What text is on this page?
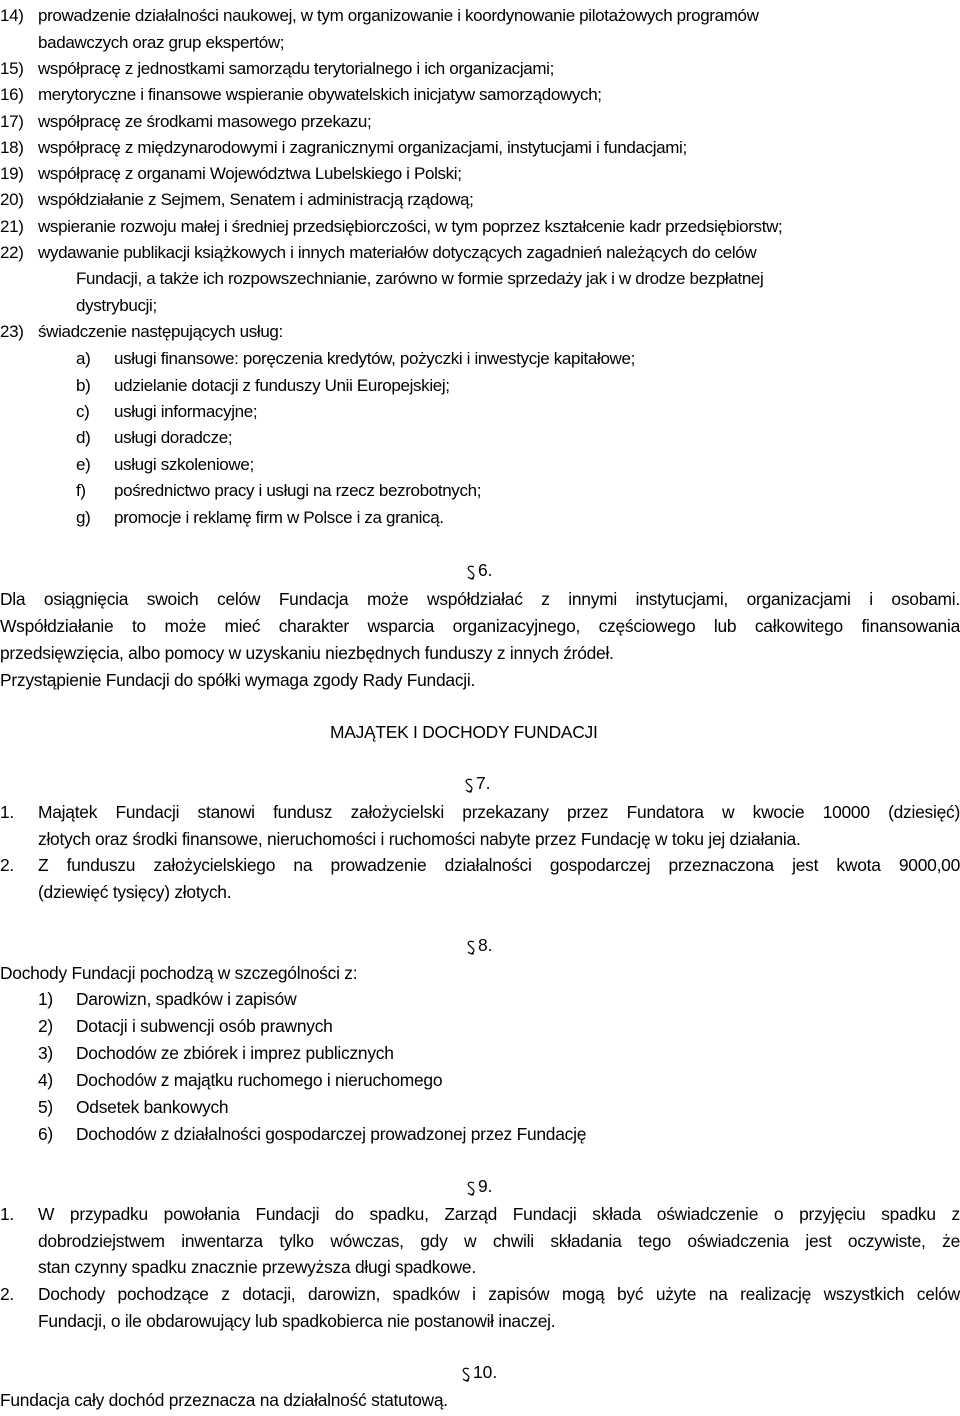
14) prowadzenie działalności naukowej, w tym organizowanie i koordynowanie pilotażowych programów
badawczych oraz grup ekspertów;
15) współpracę z jednostkami samorządu terytorialnego i ich organizacjami;
16) merytoryczne i finansowe wspieranie obywatelskich inicjatyw samorządowych;
17) współpracę ze środkami masowego przekazu;
18) współpracę z międzynarodowymi i zagranicznymi organizacjami, instytucjami i fundacjami;
19) współpracę z organami Województwa Lubelskiego i Polski;
20) współdziałanie z Sejmem, Senatem i administracją rządową;
21) wspieranie rozwoju małej i średniej przedsiębiorczości, w tym poprzez kształcenie kadr przedsiębiorstw;
22) wydawanie publikacji książkowych i innych materiałów dotyczących zagadnień należących do celów
Fundacji, a także ich rozpowszechnianie, zarówno w formie sprzedaży jak i w drodze bezpłatnej
dystrybucji;
23) świadczenie następujących usług:
a) usługi finansowe: poręczenia kredytów, pożyczki i inwestycje kapitałowe;
b) udzielanie dotacji z funduszy Unii Europejskiej;
c) usługi informacyjne;
d) usługi doradcze;
e) usługi szkoleniowe;
f) pośrednictwo pracy i usługi na rzecz bezrobotnych;
g) promocje i reklamę firm w Polsce i za granicą.
6.
Dla osiągnięcia swoich celów Fundacja może współdziałać z innymi instytucjami, organizacjami i osobami.
Współdziałanie to może mieć charakter wsparcia organizacyjnego, częściowego lub całkowitego finansowania
przedsięwzięcia, albo pomocy w uzyskaniu niezbędnych funduszy z innych źródeł.
Przystąpienie Fundacji do spółki wymaga zgody Rady Fundacji.
MAJĄTEK I DOCHODY FUNDACJI
7.
1. Majątek Fundacji stanowi fundusz założycielski przekazany przez Fundatora w kwocie 10000 (dziesięć)
złotych oraz środki finansowe, nieruchomości i ruchomości nabyte przez Fundację w toku jej działania.
2. Z funduszu założycielskiego na prowadzenie działalności gospodarczej przeznaczona jest kwota 9000,00
(dziewięć tysięcy) złotych.
8.
Dochody Fundacji pochodzą w szczególności z:
1) Darowizn, spadków i zapisów
2) Dotacji i subwencji osób prawnych
3) Dochodów ze zbiórek i imprez publicznych
4) Dochodów z majątku ruchomego i nieruchomego
5) Odsetek bankowych
6) Dochodów z działalności gospodarczej prowadzonej przez Fundację
9.
1. W przypadku powołania Fundacji do spadku, Zarząd Fundacji składa oświadczenie o przyjęciu spadku z
dobrodziejstwem inwentarza tylko wówczas, gdy w chwili składania tego oświadczenia jest oczywiste, że
stan czynny spadku znacznie przewyższa długi spadkowe.
2. Dochody pochodzące z dotacji, darowizn, spadków i zapisów mogą być użyte na realizację wszystkich celów
Fundacji, o ile obdarowujący lub spadkobierca nie postanowił inaczej.
10.
Fundacja cały dochód przeznacza na działalność statutową.
